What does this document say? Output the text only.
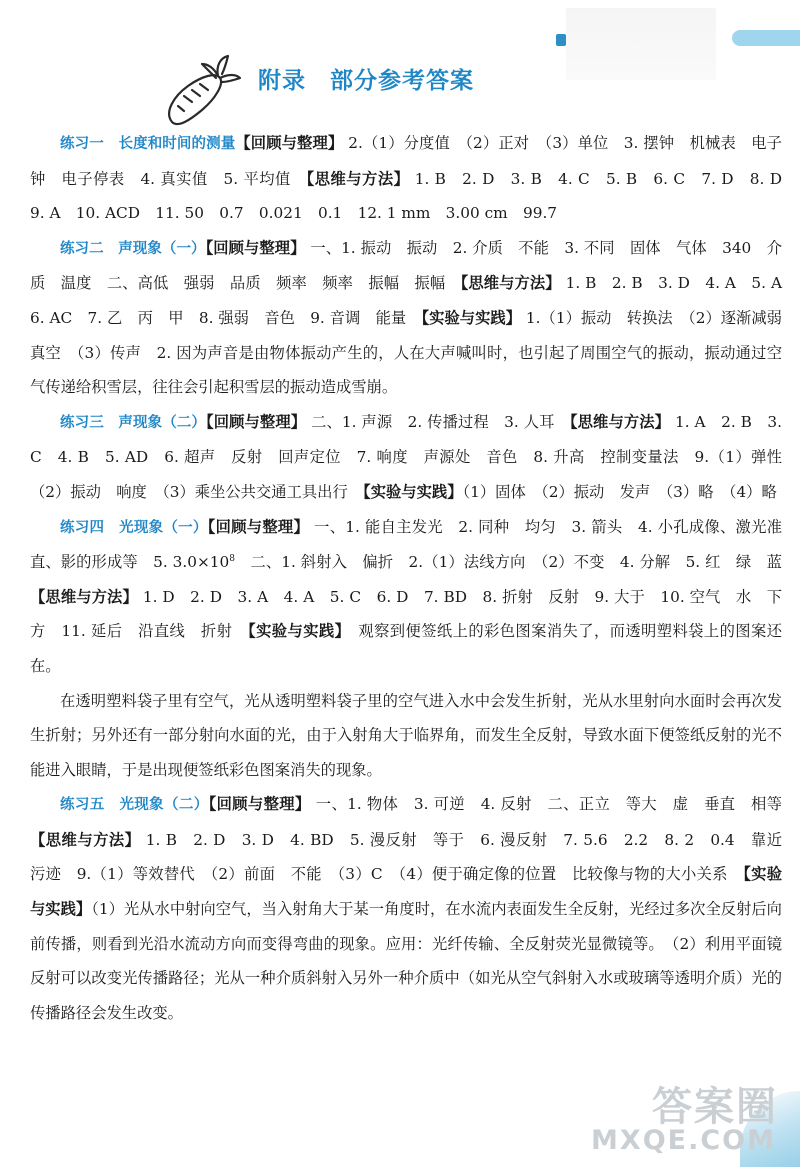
附录　部分参考答案

练习一　长度和时间的测量【回顾与整理】 2.（1）分度值　（2）正对　（3）单位　3. 摆钟　机械表　电子钟　电子停表　4. 真实值　5. 平均值　【思维与方法】 1. B　2. D　3. B　4. C　5. B　6. C　7. D　8. D　9. A　10. ACD　11. 50　0.7　0.021　0.1　12. 1 mm　3.00 cm　99.7

练习二　声现象（一）【回顾与整理】 一、1. 振动　振动　2. 介质　不能　3. 不同　固体　气体　340　介质　温度　二、高低　强弱　品质　频率　频率　振幅　振幅　【思维与方法】 1. B　2. B　3. D　4. A　5. A　6. AC　7. 乙　丙　甲　8. 强弱　音色　9. 音调　能量　【实验与实践】 1.（1）振动　转换法　（2）逐渐减弱　真空　（3）传声　2. 因为声音是由物体振动产生的，人在大声喊叫时，也引起了周围空气的振动，振动通过空气传递给积雪层，往往会引起积雪层的振动造成雪崩。

练习三　声现象（二）【回顾与整理】 二、1. 声源　2. 传播过程　3. 人耳　【思维与方法】 1. A　2. B　3. C　4. B　5. AD　6. 超声　反射　回声定位　7. 响度　声源处　音色　8. 升高　控制变量法　9.（1）弹性　（2）振动　响度　（3）乘坐公共交通工具出行　【实验与实践】（1）固体　（2）振动　发声　（3）略　（4）略

练习四　光现象（一）【回顾与整理】 一、1. 能自主发光　2. 同种　均匀　3. 箭头　4. 小孔成像、激光准直、影的形成等　5. $3.0\times 10^8$　二、1. 斜射入　偏折　2.（1）法线方向　（2）不变　4. 分解　5. 红　绿　蓝　【思维与方法】 1. D　2. D　3. A　4. A　5. C　6. D　7. BD　8. 折射　反射　9. 大于　10. 空气　水　下方　11. 延后　沿直线　折射　【实验与实践】　观察到便签纸上的彩色图案消失了，而透明塑料袋上的图案还在。

在透明塑料袋子里有空气，光从透明塑料袋子里的空气进入水中会发生折射，光从水里射向水面时会再次发生折射；另外还有一部分射向水面的光，由于入射角大于临界角，而发生全反射，导致水面下便签纸反射的光不能进入眼睛，于是出现便签纸彩色图案消失的现象。

练习五　光现象（二）【回顾与整理】 一、1. 物体　3. 可逆　4. 反射　二、正立　等大　虚　垂直　相等　【思维与方法】 1. B　2. D　3. D　4. BD　5. 漫反射　等于　6. 漫反射　7. 5.6　2.2　8. 2　0.4　靠近　污迹　9.（1）等效替代　（2）前面　不能　（3）C　（4）便于确定像的位置　比较像与物的大小关系　【实验与实践】（1）光从水中射向空气，当入射角大于某一角度时，在水流内表面发生全反射，光经过多次全反射后向前传播，则看到光沿水流动方向而变得弯曲的现象。应用：光纤传输、全反射荧光显微镜等。　（2）利用平面镜反射可以改变光传播路径；光从一种介质斜射入另外一种介质中（如光从空气斜射入水或玻璃等透明介质）光的传播路径会发生改变。

答案圈
MXQE.COM
